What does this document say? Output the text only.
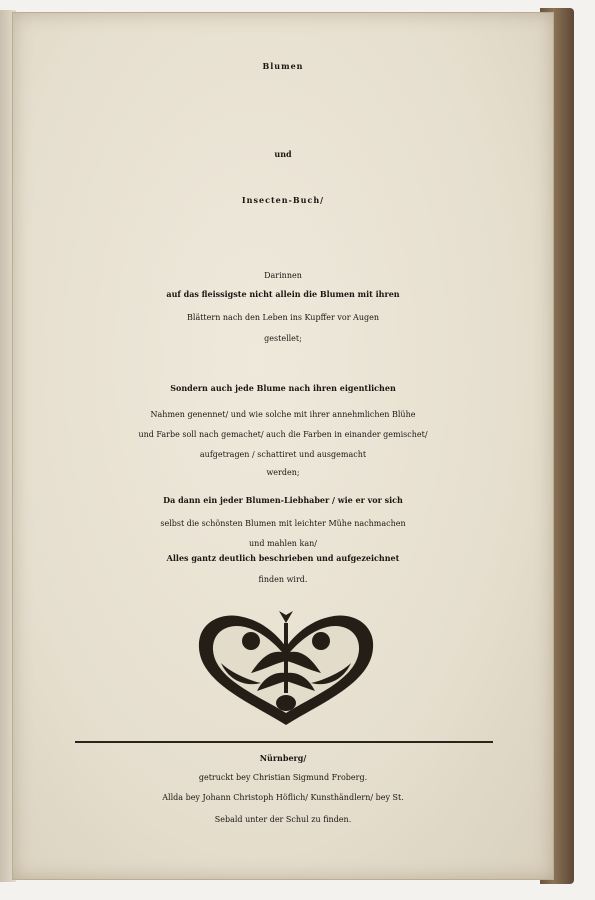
Blumen
und
Insecten-Buch/
Darinnen
auf das fleissigste nicht allein die Blumen mit ihren
Blättern nach den Leben ins Kupffer vor Augen
gestellet;
Sondern auch jede Blume nach ihren eigentlichen
Nahmen genennet/ und wie solche mit ihrer annehmlichen Blühe
und Farbe soll nach gemachet/ auch die Farben in einander gemischet/
aufgetragen / schattiret und ausgemacht
werden;
Da dann ein jeder Blumen-Liebhaber / wie er vor sich
selbst die schönsten Blumen mit leichter Mühe nachmachen
und mahlen kan/
Alles gantz deutlich beschrieben und aufgezeichnet
finden wird.
Nürnberg/
getruckt bey Christian Sigmund Froberg.
Allda bey Johann Christoph Höflich/ Kunsthändlern/ bey St.
Sebald unter der Schul zu finden.
